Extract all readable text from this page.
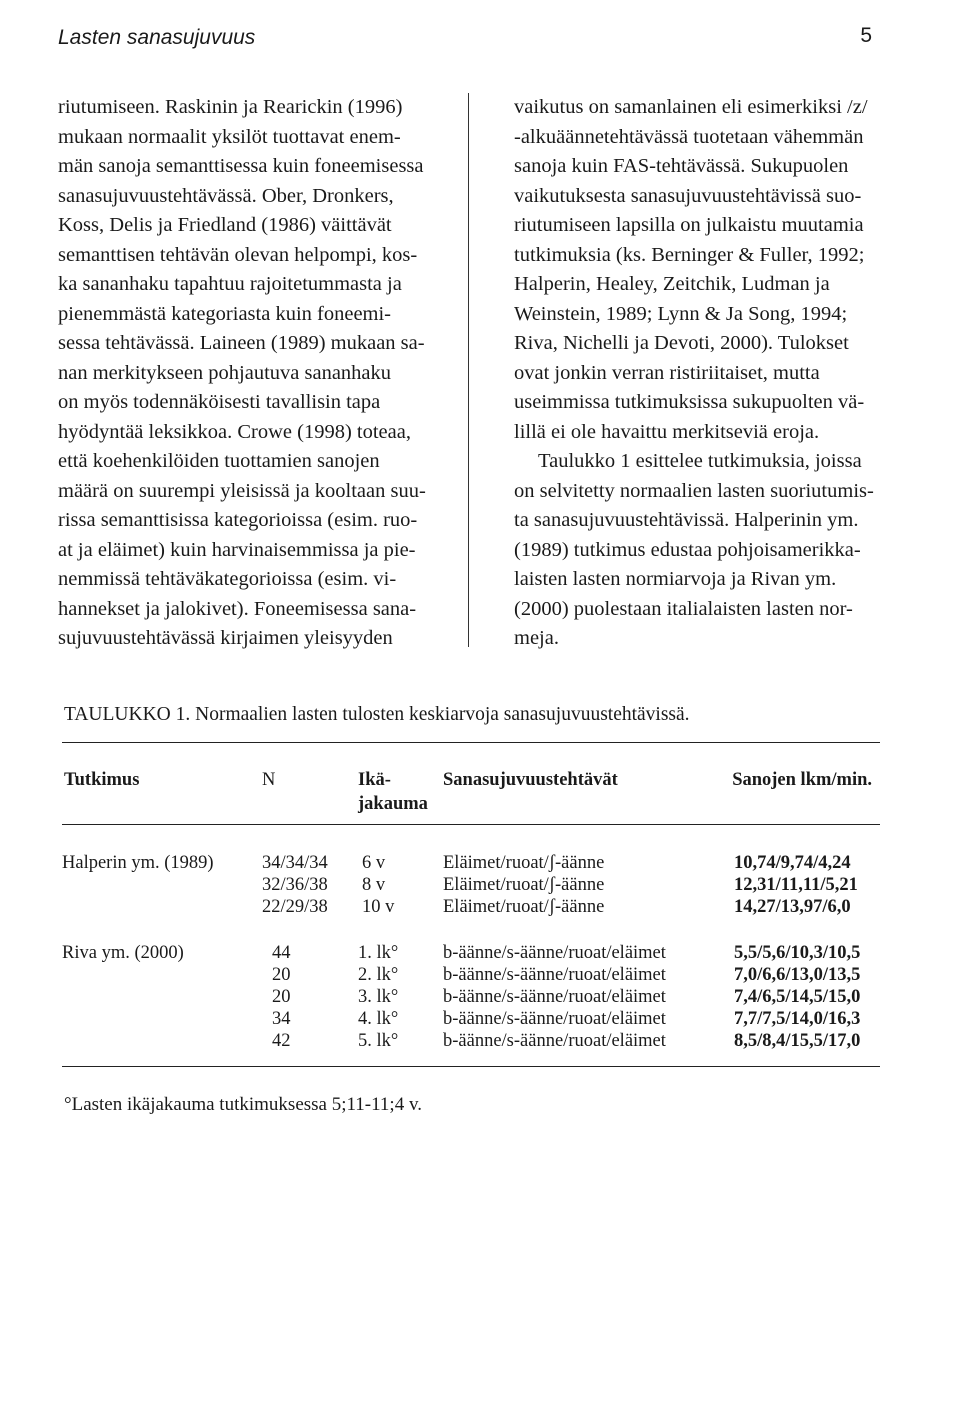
Lasten sanasujuvuus	5
riutumiseen. Raskinin ja Rearickin (1996)
mukaan normaalit yksilöt tuottavat enem-
män sanoja semanttisessa kuin foneemisessa
sanasujuvuustehtävässä. Ober, Dronkers,
Koss, Delis ja Friedland (1986) väittävät
semanttisen tehtävän olevan helpompi, kos-
ka sananhaku tapahtuu rajoitetummasta ja
pienemmästä kategoriasta kuin foneemi-
sessa tehtävässä. Laineen (1989) mukaan sa-
nan merkitykseen pohjautuva sananhaku
on myös todennäköisesti tavallisin tapa
hyödyntää leksikkoa. Crowe (1998) toteaa,
että koehenkilöiden tuottamien sanojen
määrä on suurempi yleisissä ja kooltaan suu-
rissa semanttisissa kategorioissa (esim. ruo-
at ja eläimet) kuin harvinaisemmissa ja pie-
nemmissä tehtäväkategorioissa (esim. vi-
hannekset ja jalokivet). Foneemisessa sana-
sujuvuustehtävässä kirjaimen yleisyyden
vaikutus on samanlainen eli esimerkiksi /z/
-alkuäännetehtävässä tuotetaan vähemmän
sanoja kuin FAS-tehtävässä. Sukupuolen
vaikutuksesta sanasujuvuustehtävissä suo-
riutumiseen lapsilla on julkaistu muutamia
tutkimuksia (ks. Berninger & Fuller, 1992;
Halperin, Healey, Zeitchik, Ludman ja
Weinstein, 1989; Lynn & Ja Song, 1994;
Riva, Nichelli ja Devoti, 2000). Tulokset
ovat jonkin verran ristiriitaiset, mutta
useimmissa tutkimuksissa sukupuolten vä-
lillä ei ole havaittu merkitseviä eroja.
Taulukko 1 esittelee tutkimuksia, joissa
on selvitetty normaalien lasten suoriutumis-
ta sanasujuvuustehtävissä. Halperinin ym.
(1989) tutkimus edustaa pohjoisamerikka-
laisten lasten normiarvoja ja Rivan ym.
(2000) puolestaan italialaisten lasten nor-
meja.
TAULUKKO 1. Normaalien lasten tulosten keskiarvoja sanasujuvuustehtävissä.
Tutkimus	N	Ikä-
jakauma
Sanasujuvuustehtävät	Sanojen lkm/min.
Halperin ym. (1989)	34/34/34 6 v	Eläimet/ruoat/ʃ-äänne	10,74/9,74/4,24
32/36/38 8 v	Eläimet/ruoat/ʃ-äänne	12,31/11,11/5,21
22/29/38 10 v	Eläimet/ruoat/ʃ-äänne	14,27/13,97/6,0
Riva ym. (2000)	44	1. lk° b-äänne/s-äänne/ruoat/eläimet	5,5/5,6/10,3/10,5
20	2. lk° b-äänne/s-äänne/ruoat/eläimet	7,0/6,6/13,0/13,5
20	3. lk° b-äänne/s-äänne/ruoat/eläimet	7,4/6,5/14,5/15,0
34	4. lk° b-äänne/s-äänne/ruoat/eläimet	7,7/7,5/14,0/16,3
42	5. lk° b-äänne/s-äänne/ruoat/eläimet	8,5/8,4/15,5/17,0
°Lasten ikäjakauma tutkimuksessa 5;11-11;4 v.
